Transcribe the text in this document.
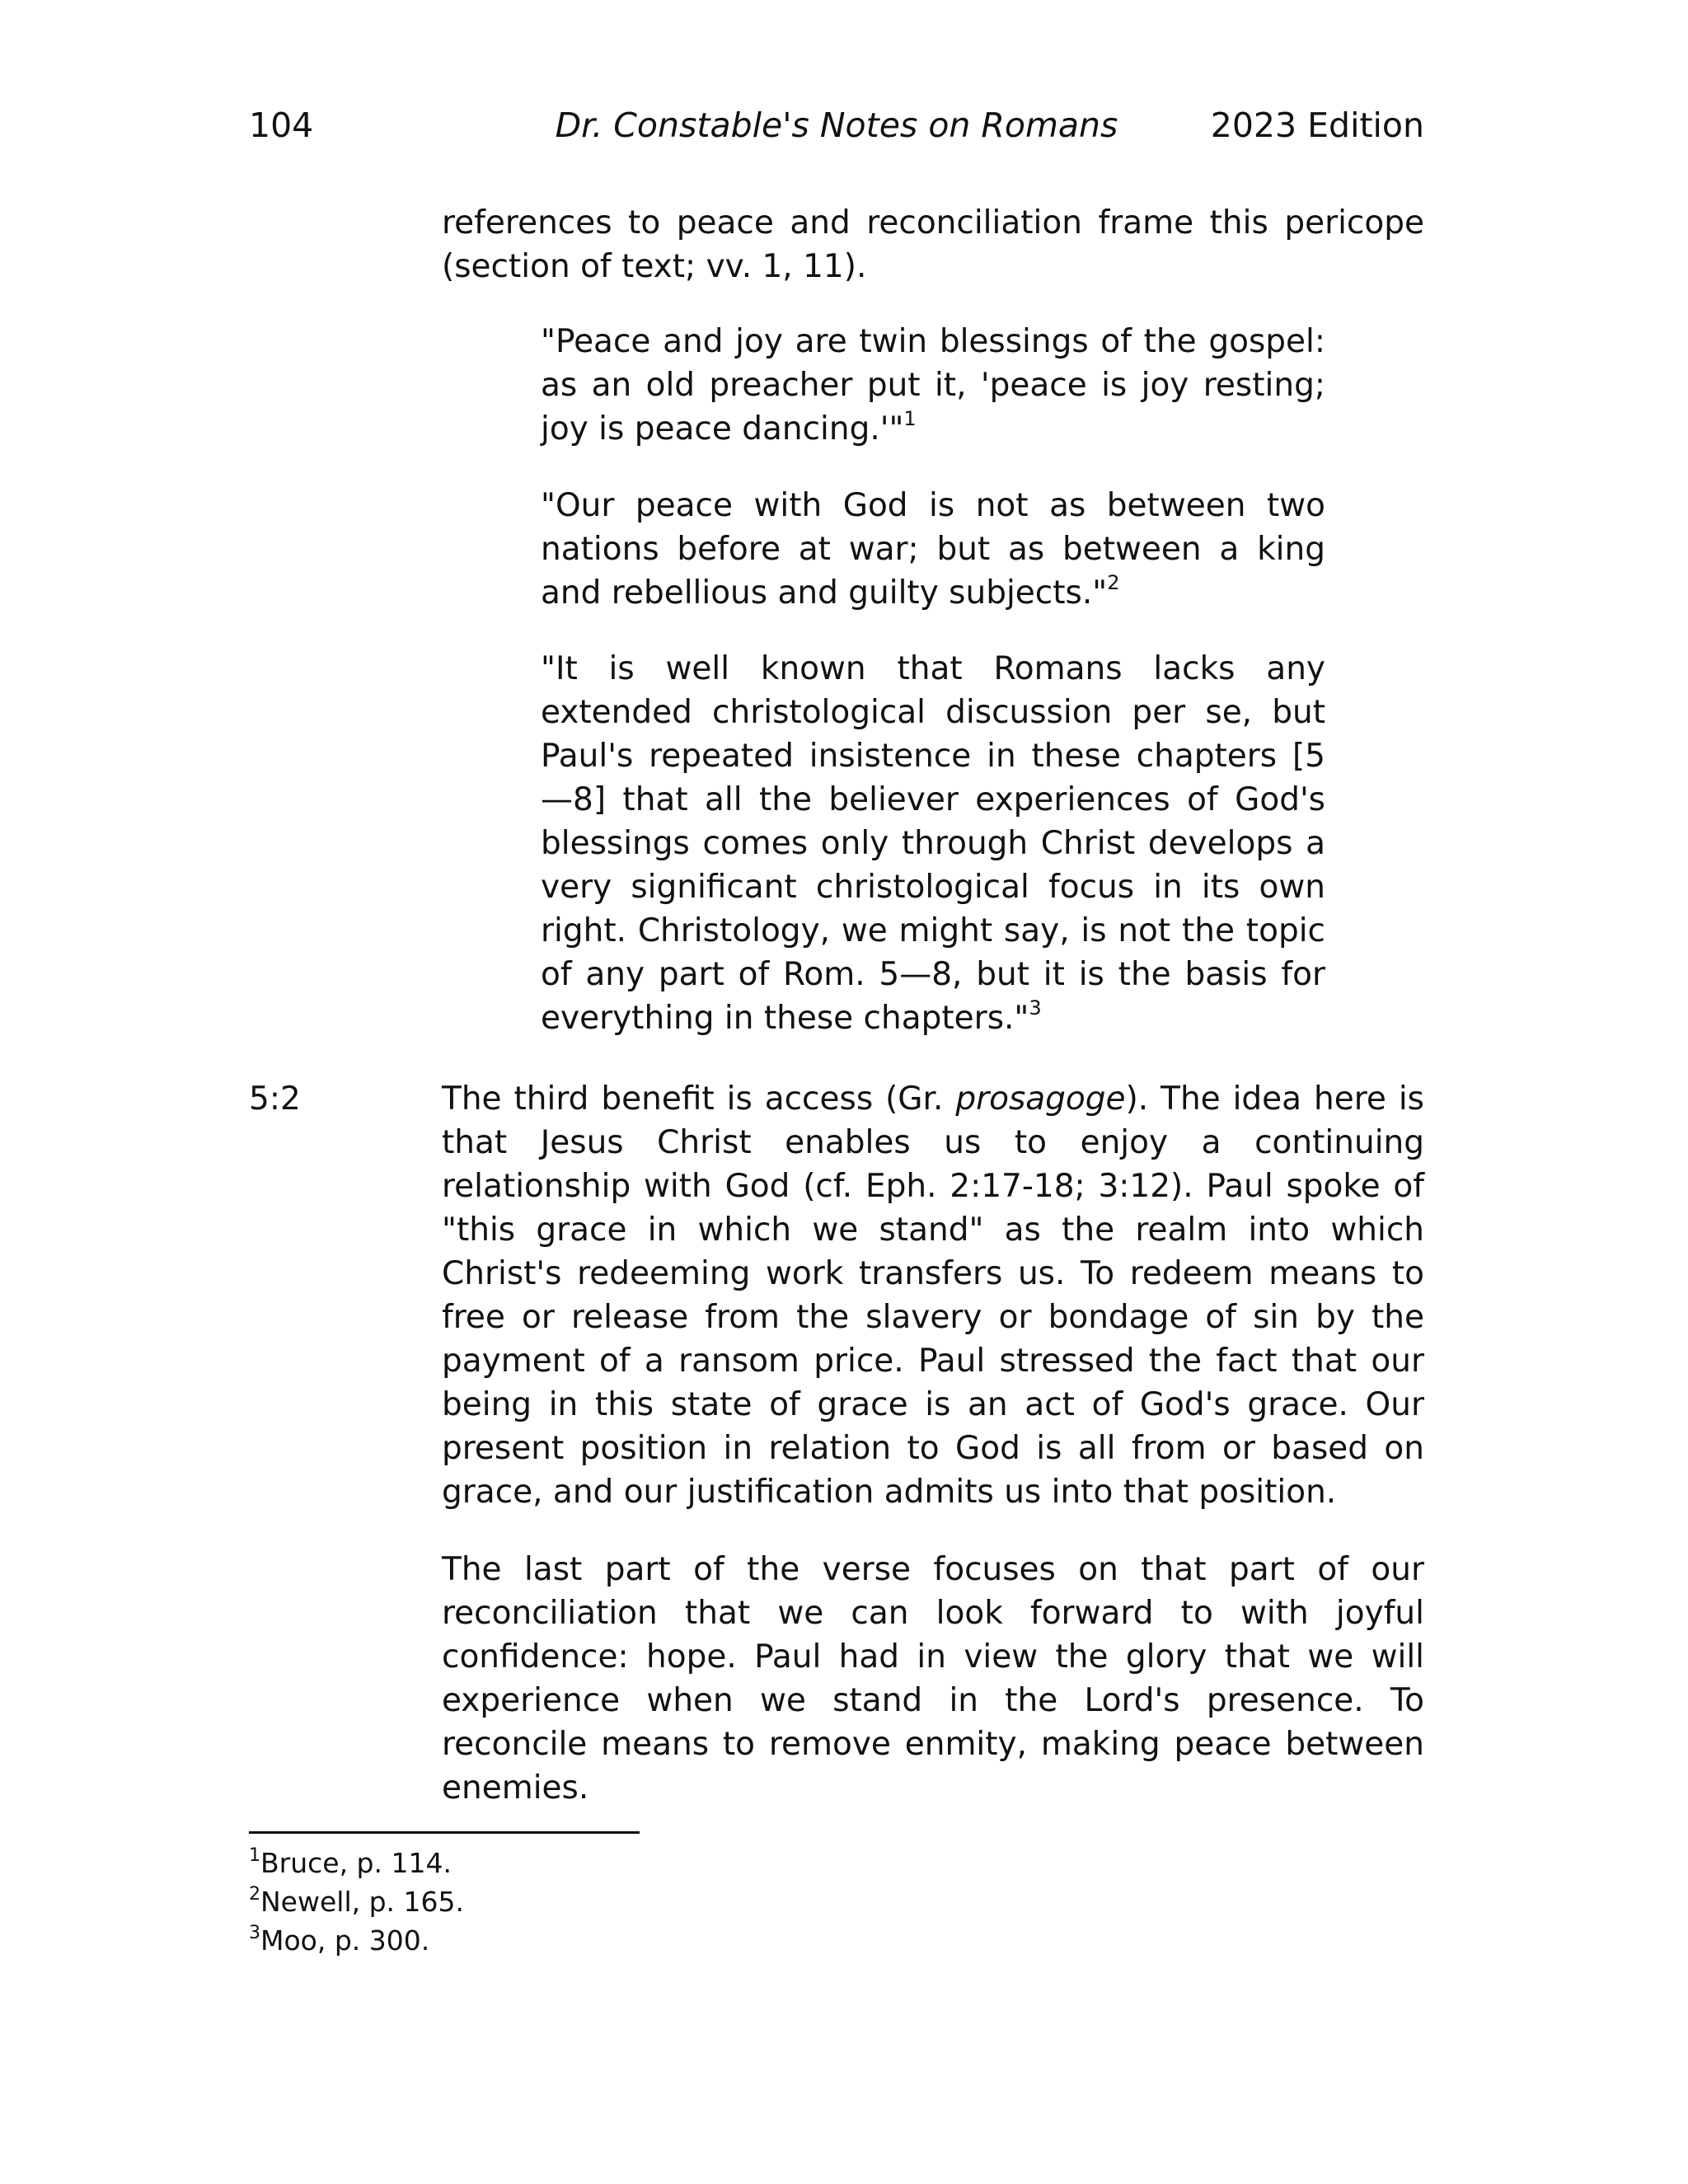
104	Dr. Constable's Notes on Romans	2023 Edition
references to peace and reconciliation frame this pericope (section of text; vv. 1, 11).
"Peace and joy are twin blessings of the gospel: as an old preacher put it, 'peace is joy resting; joy is peace dancing.'"$^1$
"Our peace with God is not as between two nations before at war; but as between a king and rebellious and guilty subjects."$^2$
"It is well known that Romans lacks any extended christological discussion per se, but Paul's repeated insistence in these chapters [5—8] that all the believer experiences of God's blessings comes only through Christ develops a very significant christological focus in its own right. Christology, we might say, is not the topic of any part of Rom. 5—8, but it is the basis for everything in these chapters."$^3$
5:2	The third benefit is access (Gr. prosagoge). The idea here is that Jesus Christ enables us to enjoy a continuing relationship with God (cf. Eph. 2:17-18; 3:12). Paul spoke of "this grace in which we stand" as the realm into which Christ's redeeming work transfers us. To redeem means to free or release from the slavery or bondage of sin by the payment of a ransom price. Paul stressed the fact that our being in this state of grace is an act of God's grace. Our present position in relation to God is all from or based on grace, and our justification admits us into that position.
The last part of the verse focuses on that part of our reconciliation that we can look forward to with joyful confidence: hope. Paul had in view the glory that we will experience when we stand in the Lord's presence. To reconcile means to remove enmity, making peace between enemies.
$^1$Bruce, p. 114.
$^2$Newell, p. 165.
$^3$Moo, p. 300.
